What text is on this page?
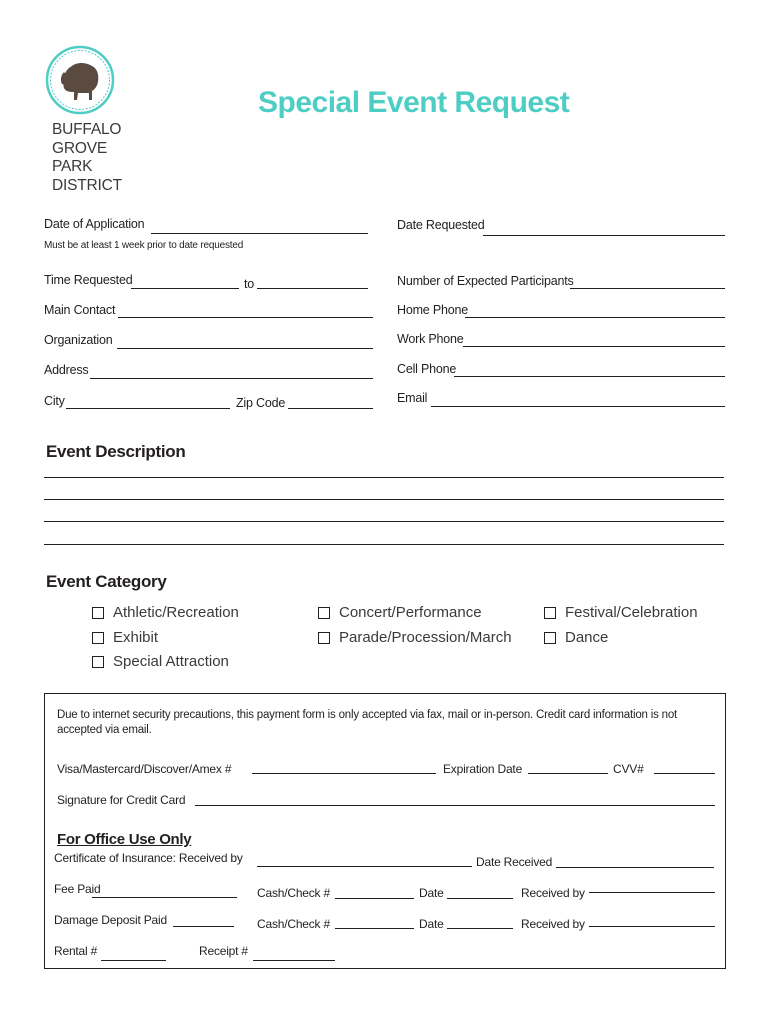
BUFFALO
GROVE
PARK
DISTRICT
Special Event Request
Date of Application
Must be at least 1 week prior to date requested
Time Requested	to
Main Contact
Organization
Address
City	Zip Code
Date Requested
Number of Expected Participants
Home Phone
Work Phone
Cell Phone
Email
Event Description
Event Category
Athletic/Recreation	Concert/Performance	Festival/Celebration
Exhibit	Parade/Procession/March	Dance
Special Attraction
Due to internet security precautions, this payment form is only accepted via fax, mail or in-person. Credit card information is not accepted via email.
Visa/Mastercard/Discover/Amex #	Expiration Date	CVV#
Signature for Credit Card
For Office Use Only
Certificate of Insurance: Received by	Date Received
Fee Paid	Cash/Check #	Date	Received by
Damage Deposit Paid	Cash/Check #	Date	Received by
Rental #	Receipt #
